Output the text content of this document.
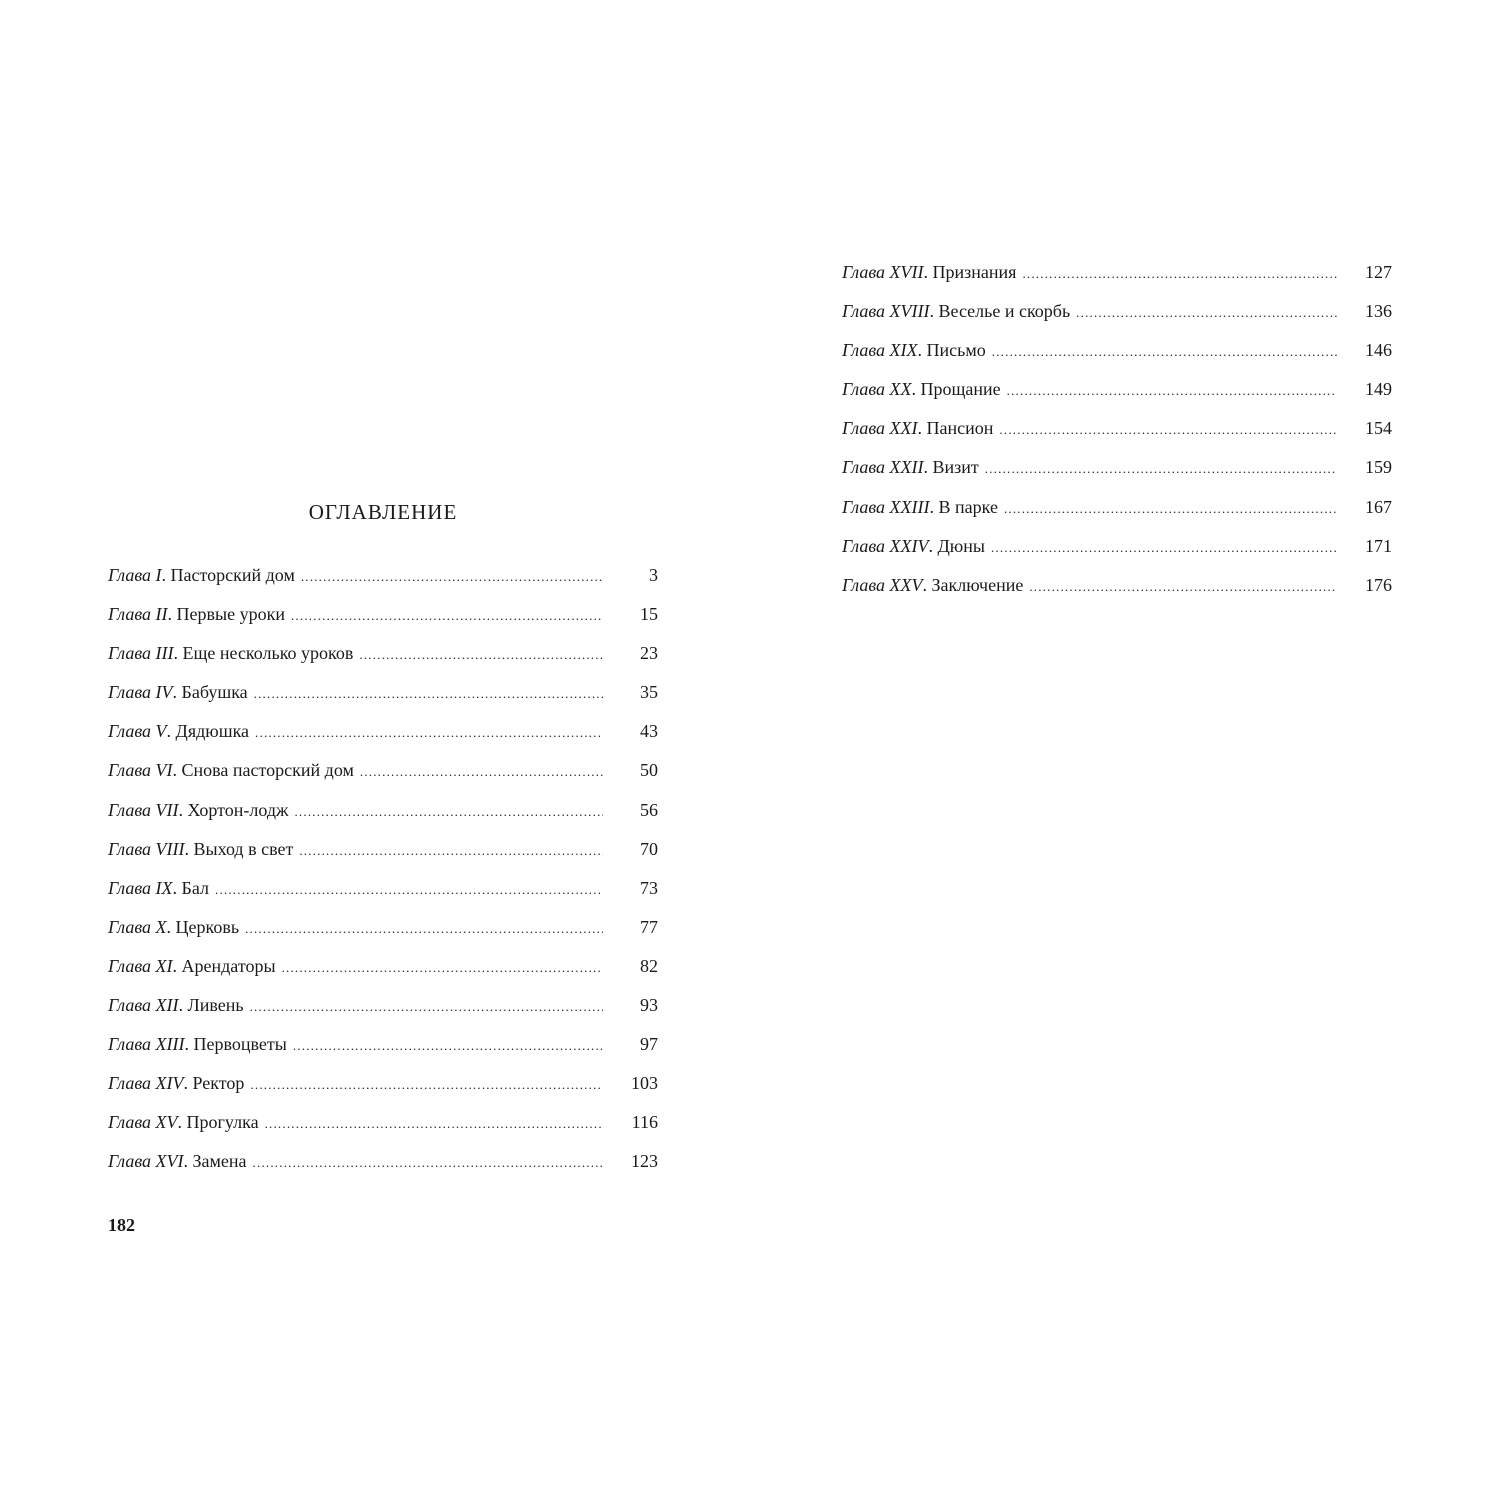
ОГЛАВЛЕНИЕ
Глава I . Пасторский дом .....	3
Глава II . Первые уроки .....	15
Глава III . Еще несколько уроков .....	23
Глава IV . Бабушка .....	35
Глава V . Дядюшка .....	43
Глава VI . Снова пасторский дом .....	50
Глава VII . Хортон-лодж .....	56
Глава VIII . Выход в свет .....	70
Глава IX . Бал .....	73
Глава X . Церковь .....	77
Глава XI . Арендаторы .....	82
Глава XII . Ливень .....	93
Глава XIII . Первоцветы .....	97
Глава XIV . Ректор .....	103
Глава XV . Прогулка .....	116
Глава XVI . Замена .....	123
Глава XVII . Признания .....	127
Глава XVIII . Веселье и скорбь .....	136
Глава XIX . Письмо .....	146
Глава XX . Прощание .....	149
Глава XXI . Пансион .....	154
Глава XXII . Визит .....	159
Глава XXIII . В парке .....	167
Глава XXIV . Дюны .....	171
Глава XXV . Заключение .....	176

182
